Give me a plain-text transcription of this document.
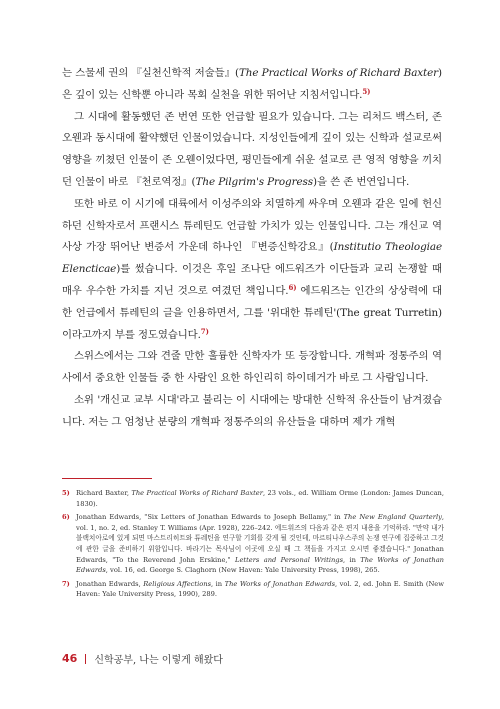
는 스물세 권의 『실천신학적 저술들』(The Practical Works of Richard Baxter)은 깊이 있는 신학뿐 아니라 목회 실천을 위한 뛰어난 지침서입니다.$^{5)}$

그 시대에 활동했던 존 번연 또한 언급할 필요가 있습니다. 그는 리처드 백스터, 존 오웬과 동시대에 활약했던 인물이었습니다. 지성인들에게 깊이 있는 신학과 설교로써 영향을 끼쳤던 인물이 존 오웬이었다면, 평민들에게 쉬운 설교로 큰 영적 영향을 끼치던 인물이 바로 『천로역정』(The Pilgrim's Progress)을 쓴 존 번연입니다.

또한 바로 이 시기에 대륙에서 이성주의와 치열하게 싸우며 오웬과 같은 일에 헌신하던 신학자로서 프랜시스 튜레틴도 언급할 가치가 있는 인물입니다. 그는 개신교 역사상 가장 뛰어난 변증서 가운데 하나인 『변증신학강요』(Institutio Theologiae Elencticae)를 썼습니다. 이것은 후일 조나단 에드워즈가 이단들과 교리 논쟁할 때 매우 우수한 가치를 지닌 것으로 여겼던 책입니다.$^{6)}$ 에드워즈는 인간의 상상력에 대한 언급에서 튜레틴의 글을 인용하면서, 그를 '위대한 튜레틴'(The great Turretin)이라고까지 부를 정도였습니다.$^{7)}$

스위스에서는 그와 견줄 만한 훌륭한 신학자가 또 등장합니다. 개혁파 정통주의 역사에서 중요한 인물들 중 한 사람인 요한 하인리히 하이데거가 바로 그 사람입니다.

소위 '개신교 교부 시대'라고 불리는 이 시대에는 방대한 신학적 유산들이 남겨졌습니다. 저는 그 엄청난 분량의 개혁파 정통주의의 유산들을 대하며 제가 개혁

5) Richard Baxter, The Practical Works of Richard Baxter, 23 vols., ed. William Orme (London: James Duncan, 1830).
6) Jonathan Edwards, "Six Letters of Jonathan Edwards to Joseph Bellamy," in The New England Quarterly, vol. 1, no. 2, ed. Stanley T. Williams (Apr. 1928), 226–242. 에드워즈의 다음과 같은 편지 내용을 기억하라. "만약 내가 블랙치아로에 있게 되면 마스트리히트와 튜레틴을 연구할 기회를 갖게 될 것인데, 마르티나우스주의 논쟁 연구에 집중하고 그것에 관한 글을 준비하기 위함입니다. 바라기는 목사님이 이곳에 오실 때 그 책들을 가지고 오시면 좋겠습니다." Jonathan Edwards, "To the Reverend John Erskine," Letters and Personal Writings, in The Works of Jonathan Edwards, vol. 16, ed. George S. Claghorn (New Haven: Yale University Press, 1998), 265.
7) Jonathan Edwards, Religious Affections, in The Works of Jonathan Edwards, vol. 2, ed. John E. Smith (New Haven: Yale University Press, 1990), 289.
46 신학공부, 나는 이렇게 해왔다
